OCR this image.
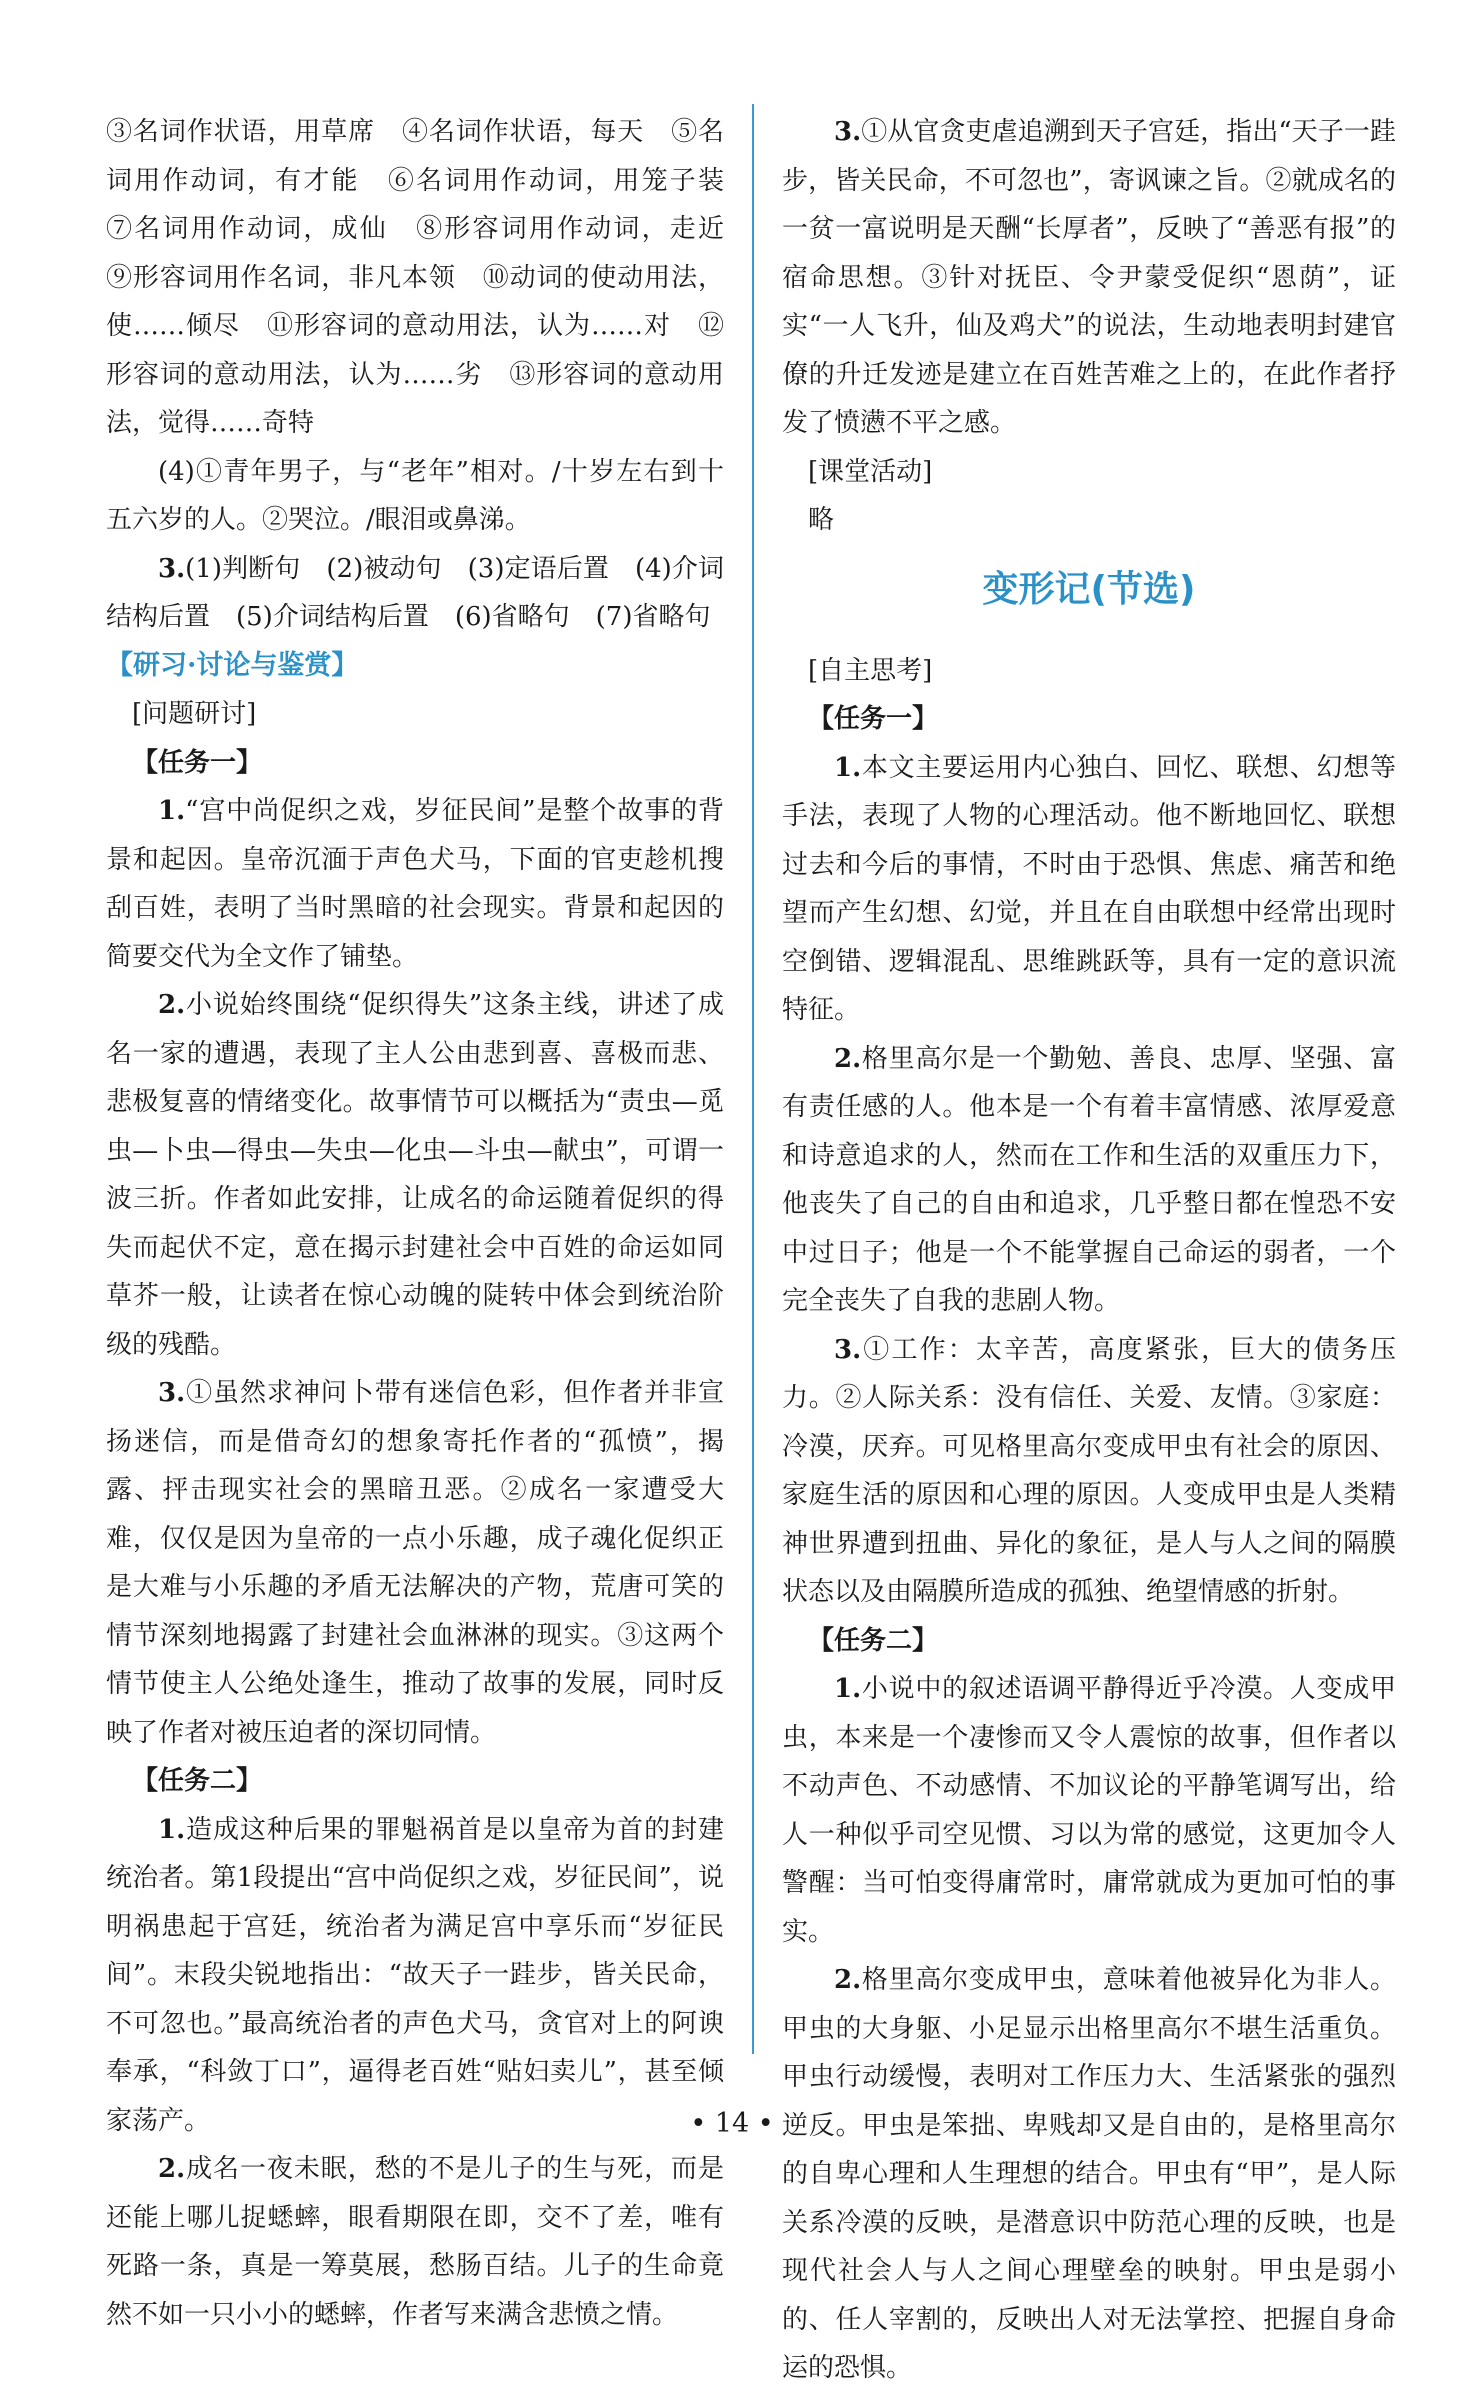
③名词作状语，用草席　④名词作状语，每天　⑤名词用作动词，有才能　⑥名词用作动词，用笼子装　⑦名词用作动词，成仙　⑧形容词用作动词，走近　⑨形容词用作名词，非凡本领　⑩动词的使动用法，使……倾尽　⑪形容词的意动用法，认为……对　⑫形容词的意动用法，认为……劣　⑬形容词的意动用法，觉得……奇特

(4)①青年男子，与“老年”相对。/十岁左右到十五六岁的人。②哭泣。/眼泪或鼻涕。

3.(1)判断句　(2)被动句　(3)定语后置　(4)介词结构后置　(5)介词结构后置　(6)省略句　(7)省略句

【研习·讨论与鉴赏】

[问题研讨]

【任务一】

1.“宫中尚促织之戏，岁征民间”是整个故事的背景和起因。皇帝沉湎于声色犬马，下面的官吏趁机搜刮百姓，表明了当时黑暗的社会现实。背景和起因的简要交代为全文作了铺垫。

2.小说始终围绕“促织得失”这条主线，讲述了成名一家的遭遇，表现了主人公由悲到喜、喜极而悲、悲极复喜的情绪变化。故事情节可以概括为“责虫—觅虫—卜虫—得虫—失虫—化虫—斗虫—献虫”，可谓一波三折。作者如此安排，让成名的命运随着促织的得失而起伏不定，意在揭示封建社会中百姓的命运如同草芥一般，让读者在惊心动魄的陡转中体会到统治阶级的残酷。

3.①虽然求神问卜带有迷信色彩，但作者并非宣扬迷信，而是借奇幻的想象寄托作者的“孤愤”，揭露、抨击现实社会的黑暗丑恶。②成名一家遭受大难，仅仅是因为皇帝的一点小乐趣，成子魂化促织正是大难与小乐趣的矛盾无法解决的产物，荒唐可笑的情节深刻地揭露了封建社会血淋淋的现实。③这两个情节使主人公绝处逢生，推动了故事的发展，同时反映了作者对被压迫者的深切同情。

【任务二】

1.造成这种后果的罪魁祸首是以皇帝为首的封建统治者。第1段提出“宫中尚促织之戏，岁征民间”，说明祸患起于宫廷，统治者为满足宫中享乐而“岁征民间”。末段尖锐地指出：“故天子一跬步，皆关民命，不可忽也。”最高统治者的声色犬马，贪官对上的阿谀奉承，“科敛丁口”，逼得老百姓“贴妇卖儿”，甚至倾家荡产。

2.成名一夜未眠，愁的不是儿子的生与死，而是还能上哪儿捉蟋蟀，眼看期限在即，交不了差，唯有死路一条，真是一筹莫展，愁肠百结。儿子的生命竟然不如一只小小的蟋蟀，作者写来满含悲愤之情。

3.①从官贪吏虐追溯到天子宫廷，指出“天子一跬步，皆关民命，不可忽也”，寄讽谏之旨。②就成名的一贫一富说明是天酬“长厚者”，反映了“善恶有报”的宿命思想。③针对抚臣、令尹蒙受促织“恩荫”，证实“一人飞升，仙及鸡犬”的说法，生动地表明封建官僚的升迁发迹是建立在百姓苦难之上的，在此作者抒发了愤懑不平之感。

[课堂活动]

略

变形记(节选)

[自主思考]

【任务一】

1.本文主要运用内心独白、回忆、联想、幻想等手法，表现了人物的心理活动。他不断地回忆、联想过去和今后的事情，不时由于恐惧、焦虑、痛苦和绝望而产生幻想、幻觉，并且在自由联想中经常出现时空倒错、逻辑混乱、思维跳跃等，具有一定的意识流特征。

2.格里高尔是一个勤勉、善良、忠厚、坚强、富有责任感的人。他本是一个有着丰富情感、浓厚爱意和诗意追求的人，然而在工作和生活的双重压力下，他丧失了自己的自由和追求，几乎整日都在惶恐不安中过日子；他是一个不能掌握自己命运的弱者，一个完全丧失了自我的悲剧人物。

3.①工作：太辛苦，高度紧张，巨大的债务压力。②人际关系：没有信任、关爱、友情。③家庭：冷漠，厌弃。可见格里高尔变成甲虫有社会的原因、家庭生活的原因和心理的原因。人变成甲虫是人类精神世界遭到扭曲、异化的象征，是人与人之间的隔膜状态以及由隔膜所造成的孤独、绝望情感的折射。

【任务二】

1.小说中的叙述语调平静得近乎冷漠。人变成甲虫，本来是一个凄惨而又令人震惊的故事，但作者以不动声色、不动感情、不加议论的平静笔调写出，给人一种似乎司空见惯、习以为常的感觉，这更加令人警醒：当可怕变得庸常时，庸常就成为更加可怕的事实。

2.格里高尔变成甲虫，意味着他被异化为非人。甲虫的大身躯、小足显示出格里高尔不堪生活重负。甲虫行动缓慢，表明对工作压力大、生活紧张的强烈逆反。甲虫是笨拙、卑贱却又是自由的，是格里高尔的自卑心理和人生理想的结合。甲虫有“甲”，是人际关系冷漠的反映，是潜意识中防范心理的反映，也是现代社会人与人之间心理壁垒的映射。甲虫是弱小的、任人宰割的，反映出人对无法掌控、把握自身命运的恐惧。

• 14 •
